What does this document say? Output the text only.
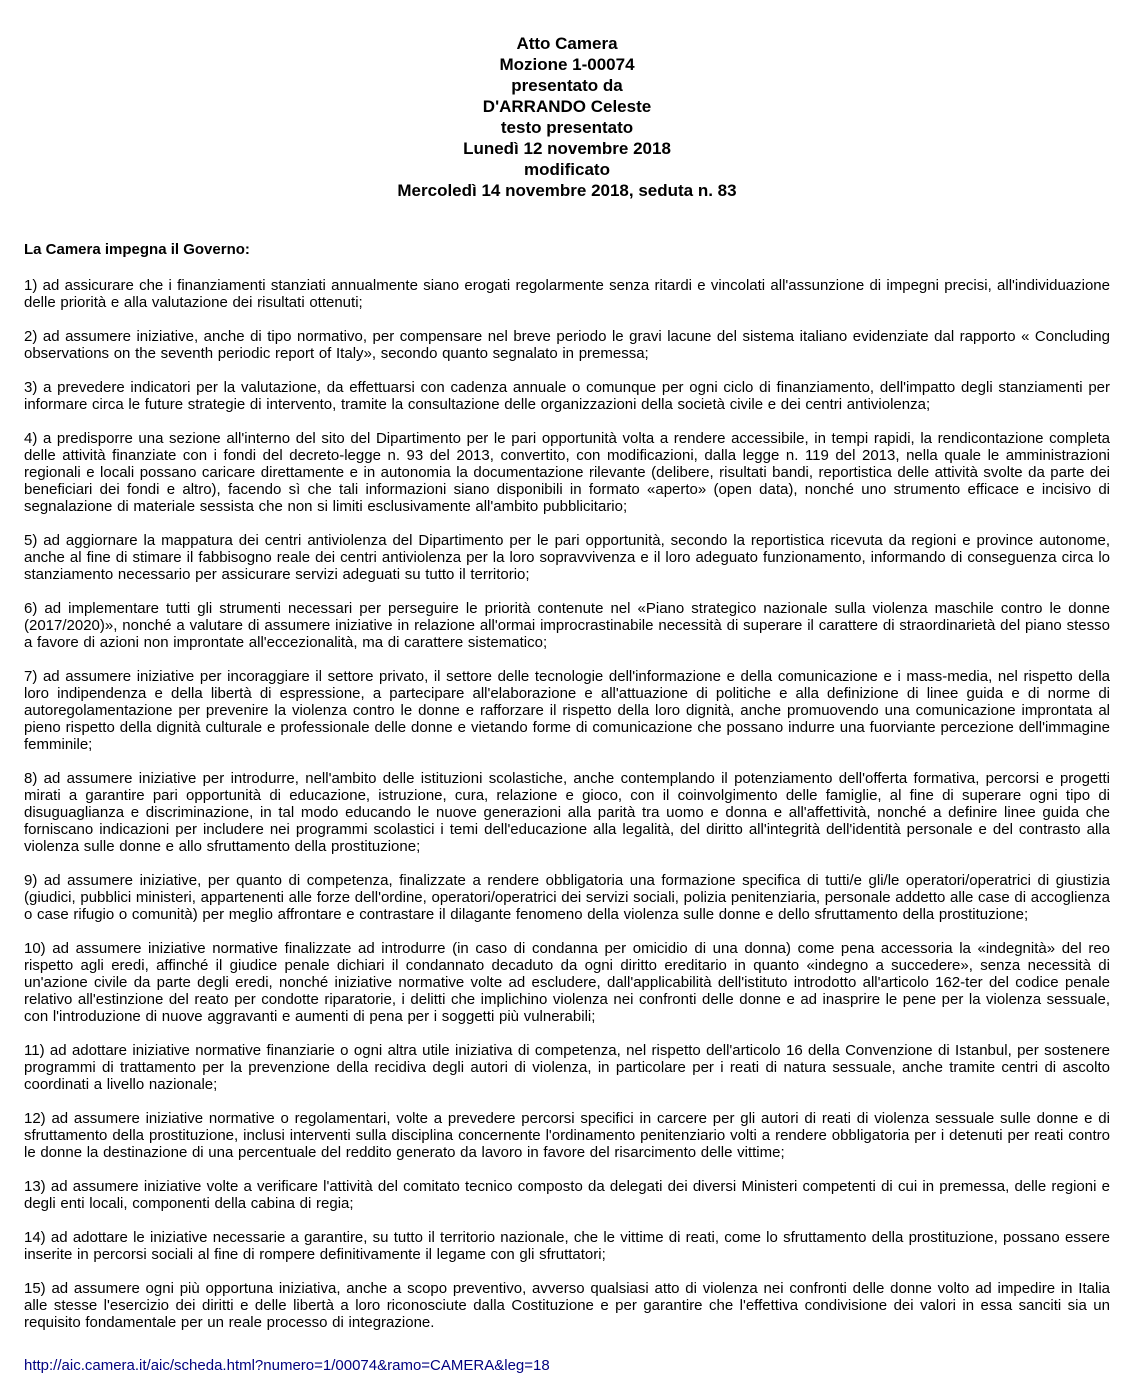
Atto Camera
Mozione 1-00074
presentato da
D'ARRANDO Celeste
testo presentato
Lunedì 12 novembre 2018
modificato
Mercoledì 14 novembre 2018, seduta n. 83
La Camera impegna il Governo:

1) ad assicurare che i finanziamenti stanziati annualmente siano erogati regolarmente senza ritardi e vincolati all'assunzione di impegni precisi, all'individuazione delle priorità e alla valutazione dei risultati ottenuti;

2) ad assumere iniziative, anche di tipo normativo, per compensare nel breve periodo le gravi lacune del sistema italiano evidenziate dal rapporto « Concluding observations on the seventh periodic report of Italy», secondo quanto segnalato in premessa;

3) a prevedere indicatori per la valutazione, da effettuarsi con cadenza annuale o comunque per ogni ciclo di finanziamento, dell'impatto degli stanziamenti per informare circa le future strategie di intervento, tramite la consultazione delle organizzazioni della società civile e dei centri antiviolenza;

4) a predisporre una sezione all'interno del sito del Dipartimento per le pari opportunità volta a rendere accessibile, in tempi rapidi, la rendicontazione completa delle attività finanziate con i fondi del decreto-legge n. 93 del 2013, convertito, con modificazioni, dalla legge n. 119 del 2013, nella quale le amministrazioni regionali e locali possano caricare direttamente e in autonomia la documentazione rilevante (delibere, risultati bandi, reportistica delle attività svolte da parte dei beneficiari dei fondi e altro), facendo sì che tali informazioni siano disponibili in formato «aperto» (open data), nonché uno strumento efficace e incisivo di segnalazione di materiale sessista che non si limiti esclusivamente all'ambito pubblicitario;

5) ad aggiornare la mappatura dei centri antiviolenza del Dipartimento per le pari opportunità, secondo la reportistica ricevuta da regioni e province autonome, anche al fine di stimare il fabbisogno reale dei centri antiviolenza per la loro sopravvivenza e il loro adeguato funzionamento, informando di conseguenza circa lo stanziamento necessario per assicurare servizi adeguati su tutto il territorio;

6) ad implementare tutti gli strumenti necessari per perseguire le priorità contenute nel «Piano strategico nazionale sulla violenza maschile contro le donne (2017/2020)», nonché a valutare di assumere iniziative in relazione all'ormai improcrastinabile necessità di superare il carattere di straordinarietà del piano stesso a favore di azioni non improntate all'eccezionalità, ma di carattere sistematico;

7) ad assumere iniziative per incoraggiare il settore privato, il settore delle tecnologie dell'informazione e della comunicazione e i mass-media, nel rispetto della loro indipendenza e della libertà di espressione, a partecipare all'elaborazione e all'attuazione di politiche e alla definizione di linee guida e di norme di autoregolamentazione per prevenire la violenza contro le donne e rafforzare il rispetto della loro dignità, anche promuovendo una comunicazione improntata al pieno rispetto della dignità culturale e professionale delle donne e vietando forme di comunicazione che possano indurre una fuorviante percezione dell'immagine femminile;

8) ad assumere iniziative per introdurre, nell'ambito delle istituzioni scolastiche, anche contemplando il potenziamento dell'offerta formativa, percorsi e progetti mirati a garantire pari opportunità di educazione, istruzione, cura, relazione e gioco, con il coinvolgimento delle famiglie, al fine di superare ogni tipo di disuguaglianza e discriminazione, in tal modo educando le nuove generazioni alla parità tra uomo e donna e all'affettività, nonché a definire linee guida che forniscano indicazioni per includere nei programmi scolastici i temi dell'educazione alla legalità, del diritto all'integrità dell'identità personale e del contrasto alla violenza sulle donne e allo sfruttamento della prostituzione;

9) ad assumere iniziative, per quanto di competenza, finalizzate a rendere obbligatoria una formazione specifica di tutti/e gli/le operatori/operatrici di giustizia (giudici, pubblici ministeri, appartenenti alle forze dell'ordine, operatori/operatrici dei servizi sociali, polizia penitenziaria, personale addetto alle case di accoglienza o case rifugio o comunità) per meglio affrontare e contrastare il dilagante fenomeno della violenza sulle donne e dello sfruttamento della prostituzione;

10) ad assumere iniziative normative finalizzate ad introdurre (in caso di condanna per omicidio di una donna) come pena accessoria la «indegnità» del reo rispetto agli eredi, affinché il giudice penale dichiari il condannato decaduto da ogni diritto ereditario in quanto «indegno a succedere», senza necessità di un'azione civile da parte degli eredi, nonché iniziative normative volte ad escludere, dall'applicabilità dell'istituto introdotto all'articolo 162-ter del codice penale relativo all'estinzione del reato per condotte riparatorie, i delitti che implichino violenza nei confronti delle donne e ad inasprire le pene per la violenza sessuale, con l'introduzione di nuove aggravanti e aumenti di pena per i soggetti più vulnerabili;

11) ad adottare iniziative normative finanziarie o ogni altra utile iniziativa di competenza, nel rispetto dell'articolo 16 della Convenzione di Istanbul, per sostenere programmi di trattamento per la prevenzione della recidiva degli autori di violenza, in particolare per i reati di natura sessuale, anche tramite centri di ascolto coordinati a livello nazionale;

12) ad assumere iniziative normative o regolamentari, volte a prevedere percorsi specifici in carcere per gli autori di reati di violenza sessuale sulle donne e di sfruttamento della prostituzione, inclusi interventi sulla disciplina concernente l'ordinamento penitenziario volti a rendere obbligatoria per i detenuti per reati contro le donne la destinazione di una percentuale del reddito generato da lavoro in favore del risarcimento delle vittime;

13) ad assumere iniziative volte a verificare l'attività del comitato tecnico composto da delegati dei diversi Ministeri competenti di cui in premessa, delle regioni e degli enti locali, componenti della cabina di regia;

14) ad adottare le iniziative necessarie a garantire, su tutto il territorio nazionale, che le vittime di reati, come lo sfruttamento della prostituzione, possano essere inserite in percorsi sociali al fine di rompere definitivamente il legame con gli sfruttatori;

15) ad assumere ogni più opportuna iniziativa, anche a scopo preventivo, avverso qualsiasi atto di violenza nei confronti delle donne volto ad impedire in Italia alle stesse l'esercizio dei diritti e delle libertà a loro riconosciute dalla Costituzione e per garantire che l'effettiva condivisione dei valori in essa sanciti sia un requisito fondamentale per un reale processo di integrazione.

http://aic.camera.it/aic/scheda.html?numero=1/00074&ramo=CAMERA&leg=18
